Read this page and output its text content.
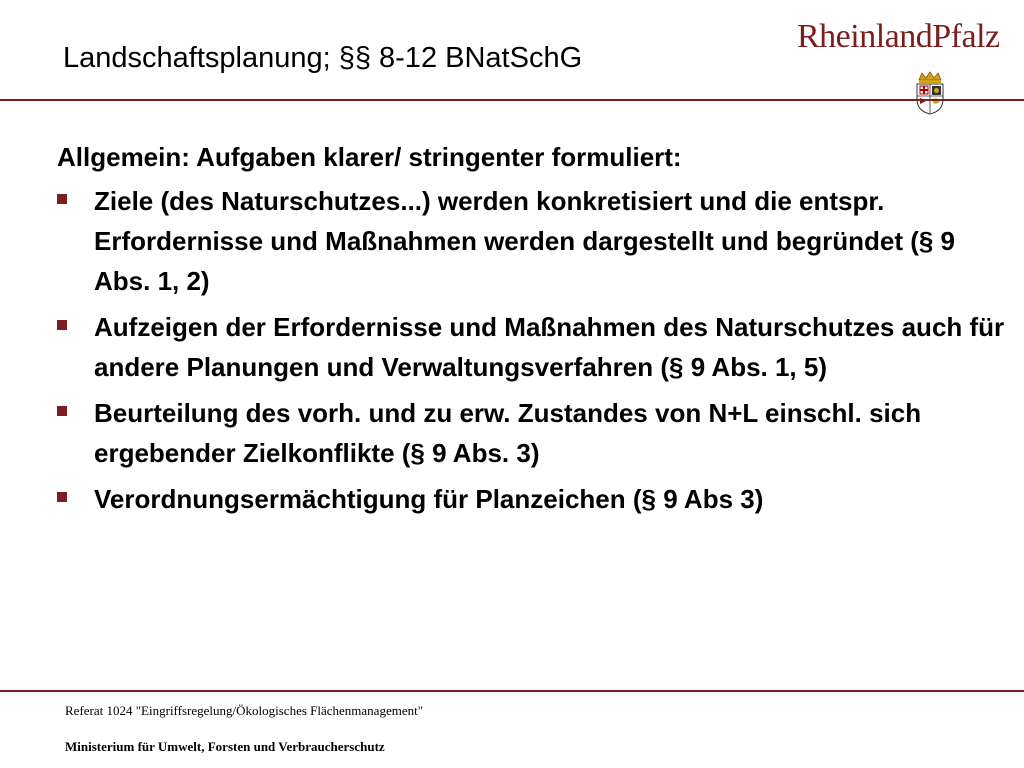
Landschaftsplanung; §§ 8-12 BNatSchG
RheinlandPfalz
Allgemein: Aufgaben klarer/ stringenter formuliert:
Ziele (des Naturschutzes...) werden konkretisiert und die entspr. Erfordernisse und Maßnahmen werden dargestellt und begründet (§ 9 Abs. 1, 2)
Aufzeigen der Erfordernisse und Maßnahmen des Naturschutzes auch für andere Planungen und Verwaltungsverfahren (§ 9 Abs. 1, 5)
Beurteilung des vorh. und zu erw. Zustandes von N+L einschl. sich ergebender Zielkonflikte (§ 9 Abs. 3)
Verordnungsermächtigung für Planzeichen (§ 9 Abs 3)
Referat 1024 "Eingriffsregelung/Ökologisches Flächenmanagement"
Ministerium für Umwelt, Forsten und Verbraucherschutz
